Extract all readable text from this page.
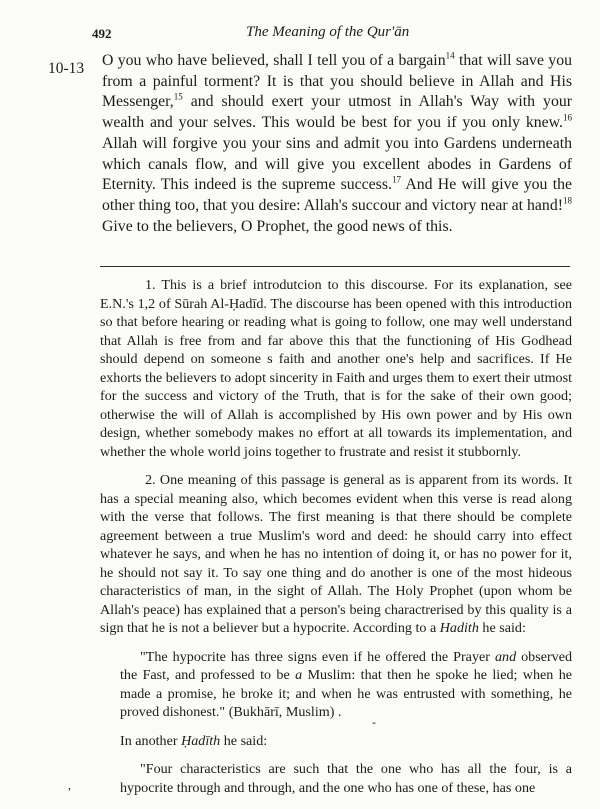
492	The Meaning of the Qur'ān
10-13 O you who have believed, shall I tell you of a bargain$^{14}$ that will save you from a painful torment? It is that you should believe in Allah and His Messenger,$^{15}$ and should exert your utmost in Allah's Way with your wealth and your selves. This would be best for you if you only knew.$^{16}$ Allah will forgive you your sins and admit you into Gardens underneath which canals flow, and will give you excellent abodes in Gardens of Eternity. This indeed is the supreme success.$^{17}$ And He will give you the other thing too, that you desire: Allah's succour and victory near at hand!$^{18}$ Give to the believers, O Prophet, the good news of this.

1. This is a brief introdutcion to this discourse. For its explanation, see E.N.'s 1,2 of Sūrah Al-Ḥadīd. The discourse has been opened with this introduction so that before hearing or reading what is going to follow, one may well understand that Allah is free from and far above this that the functioning of His Godhead should depend on someone s faith and another one's help and sacrifices. If He exhorts the believers to adopt sincerity in Faith and urges them to exert their utmost for the success and victory of the Truth, that is for the sake of their own good; otherwise the will of Allah is accomplished by His own power and by His own design, whether somebody makes no effort at all towards its implementation, and whether the whole world joins together to frustrate and resist it stubbornly.

2. One meaning of this passage is general as is apparent from its words. It has a special meaning also, which becomes evident when this verse is read along with the verse that follows. The first meaning is that there should be complete agreement between a true Muslim's word and deed: he should carry into effect whatever he says, and when he has no intention of doing it, or has no power for it, he should not say it. To say one thing and do another is one of the most hideous characteristics of man, in the sight of Allah. The Holy Prophet (upon whom be Allah's peace) has explained that a person's being charactrerised by this quality is a sign that he is not a believer but a hypocrite. According to a Hadith he said:

"The hypocrite has three signs even if he offered the Prayer and observed the Fast, and professed to be a Muslim: that then he spoke he lied; when he made a promise, he broke it; and when he was entrusted with something, he proved dishonest." (Bukhārī, Muslim) .

In another Ḥadīth he said:

"Four characteristics are such that the one who has all the four, is a hypocrite through and through, and the one who has one of these, has one

-
,
